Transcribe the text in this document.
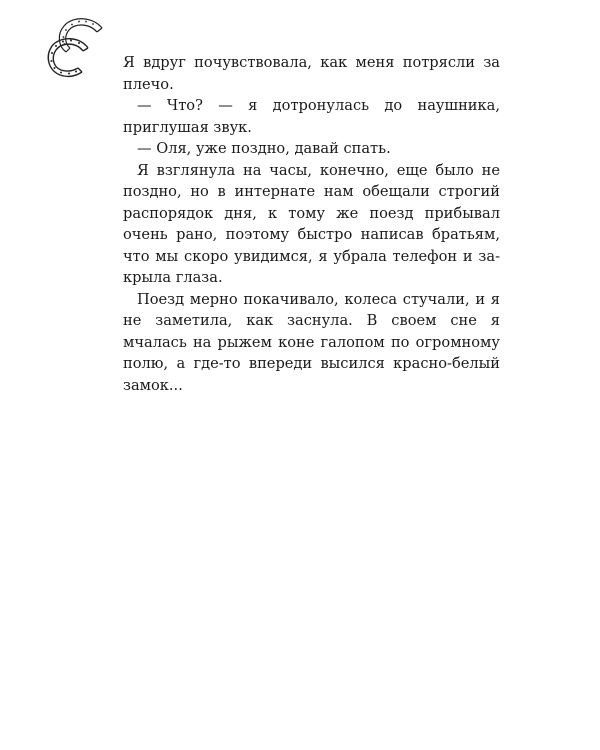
Я вдруг почувствовала, как меня потрясли за плечо.

— Что? — я дотронулась до наушника, приглушая звук.

— Оля, уже поздно, давай спать.

Я взглянула на часы, конечно, еще было не поздно, но в интернате нам обещали строгий распорядок дня, к тому же поезд прибывал очень рано, поэтому быстро написав братьям, что мы скоро увидимся, я убрала телефон и закрыла глаза.

Поезд мерно покачивало, колеса стучали, и я не заметила, как заснула. В своем сне я мчалась на рыжем коне галопом по огромному полю, а где-то впереди высился красно-белый замок...
